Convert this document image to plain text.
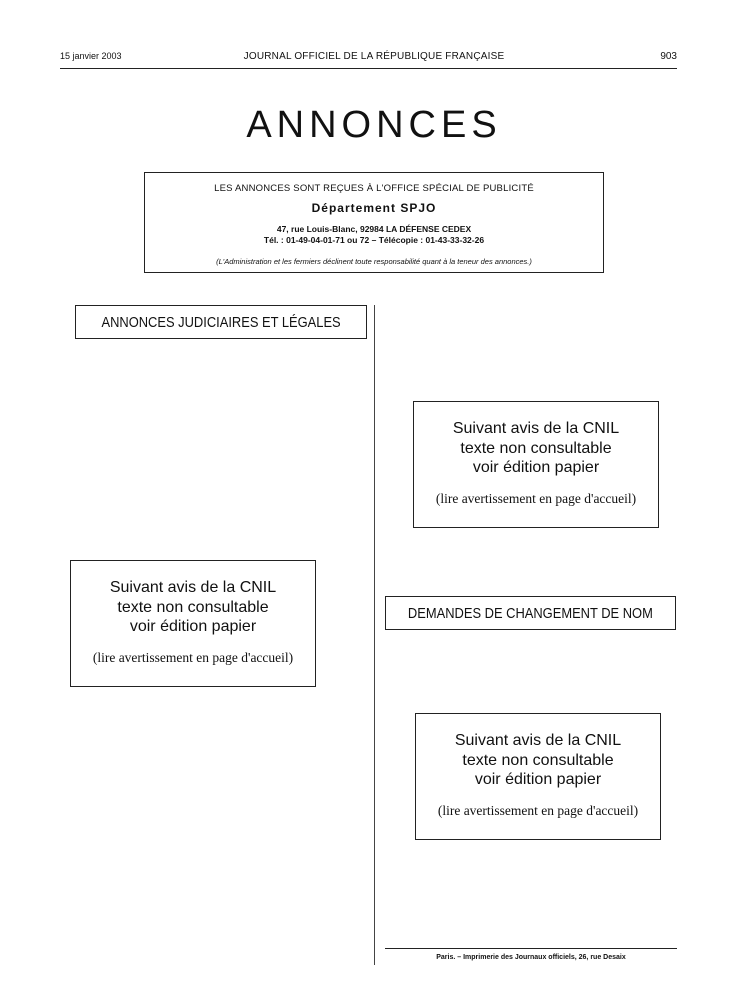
15 janvier 2003	JOURNAL OFFICIEL DE LA RÉPUBLIQUE FRANÇAISE	903
ANNONCES
LES ANNONCES SONT REÇUES À L'OFFICE SPÉCIAL DE PUBLICITÉ
Département SPJO
47, rue Louis-Blanc, 92984 LA DÉFENSE CEDEX
Tél. : 01-49-04-01-71 ou 72 – Télécopie : 01-43-33-32-26
(L'Administration et les fermiers déclinent toute responsabilité quant à la teneur des annonces.)
ANNONCES JUDICIAIRES ET LÉGALES
Suivant avis de la CNIL
texte non consultable
voir édition papier
(lire avertissement en page d'accueil)
Suivant avis de la CNIL
texte non consultable
voir édition papier
(lire avertissement en page d'accueil)
DEMANDES DE CHANGEMENT DE NOM
Suivant avis de la CNIL
texte non consultable
voir édition papier
(lire avertissement en page d'accueil)
Paris. – Imprimerie des Journaux officiels, 26, rue Desaix
